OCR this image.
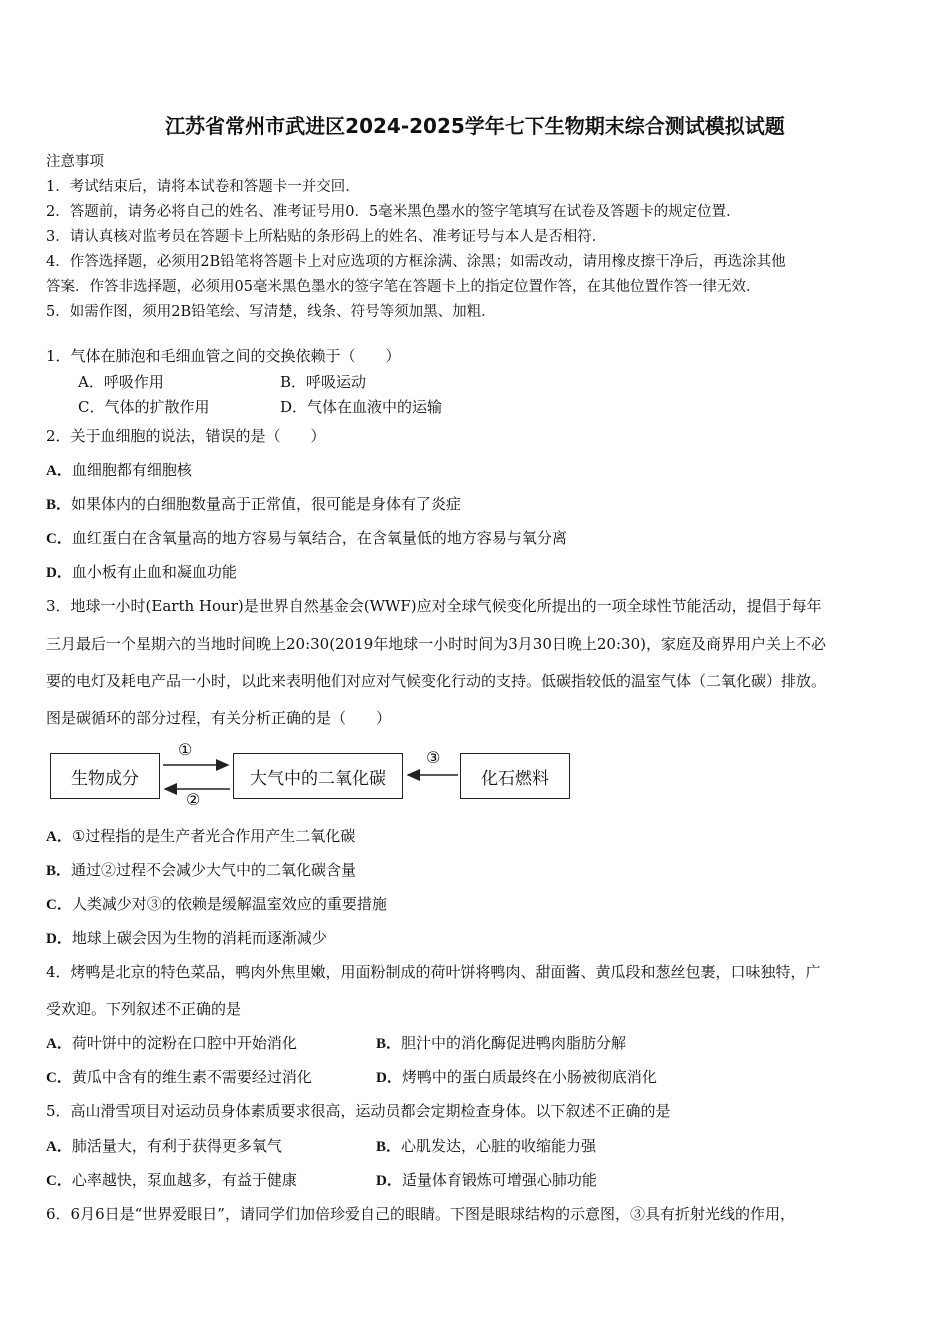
江苏省常州市武进区2024-2025学年七下生物期末综合测试模拟试题
注意事项
1．考试结束后，请将本试卷和答题卡一并交回．
2．答题前，请务必将自己的姓名、准考证号用0．5毫米黑色墨水的签字笔填写在试卷及答题卡的规定位置．
3．请认真核对监考员在答题卡上所粘贴的条形码上的姓名、准考证号与本人是否相符．
4．作答选择题，必须用2B铅笔将答题卡上对应选项的方框涂满、涂黑；如需改动，请用橡皮擦干净后，再选涂其他
答案．作答非选择题，必须用05毫米黑色墨水的签字笔在答题卡上的指定位置作答，在其他位置作答一律无效．
5．如需作图，须用2B铅笔绘、写清楚，线条、符号等须加黑、加粗．
1．气体在肺泡和毛细血管之间的交换依赖于（　　）
A．呼吸作用	B．呼吸运动
C．气体的扩散作用	D．气体在血液中的运输
2．关于血细胞的说法，错误的是（　　）
A．血细胞都有细胞核
B．如果体内的白细胞数量高于正常值，很可能是身体有了炎症
C．血红蛋白在含氧量高的地方容易与氧结合，在含氧量低的地方容易与氧分离
D．血小板有止血和凝血功能
3．地球一小时(Earth Hour)是世界自然基金会(WWF)应对全球气候变化所提出的一项全球性节能活动，提倡于每年
三月最后一个星期六的当地时间晚上20:30(2019年地球一小时时间为3月30日晚上20:30)，家庭及商界用户关上不必
要的电灯及耗电产品一小时，以此来表明他们对应对气候变化行动的支持。低碳指较低的温室气体（二氧化碳）排放。
图是碳循环的部分过程，有关分析正确的是（　　）
生物成分	大气中的二氧化碳	化石燃料
①
②
③
A．①过程指的是生产者光合作用产生二氧化碳
B．通过②过程不会减少大气中的二氧化碳含量
C．人类减少对③的依赖是缓解温室效应的重要措施
D．地球上碳会因为生物的消耗而逐渐减少
4．烤鸭是北京的特色菜品，鸭肉外焦里嫩，用面粉制成的荷叶饼将鸭肉、甜面酱、黄瓜段和葱丝包裹，口味独特，广
受欢迎。下列叙述不正确的是
A．荷叶饼中的淀粉在口腔中开始消化	B．胆汁中的消化酶促进鸭肉脂肪分解
C．黄瓜中含有的维生素不需要经过消化	D．烤鸭中的蛋白质最终在小肠被彻底消化
5．高山滑雪项目对运动员身体素质要求很高，运动员都会定期检查身体。以下叙述不正确的是
A．肺活量大，有利于获得更多氧气	B．心肌发达，心脏的收缩能力强
C．心率越快，泵血越多，有益于健康	D．适量体育锻炼可增强心肺功能
6．6月6日是“世界爱眼日”，请同学们加倍珍爱自己的眼睛。下图是眼球结构的示意图，③具有折射光线的作用，
